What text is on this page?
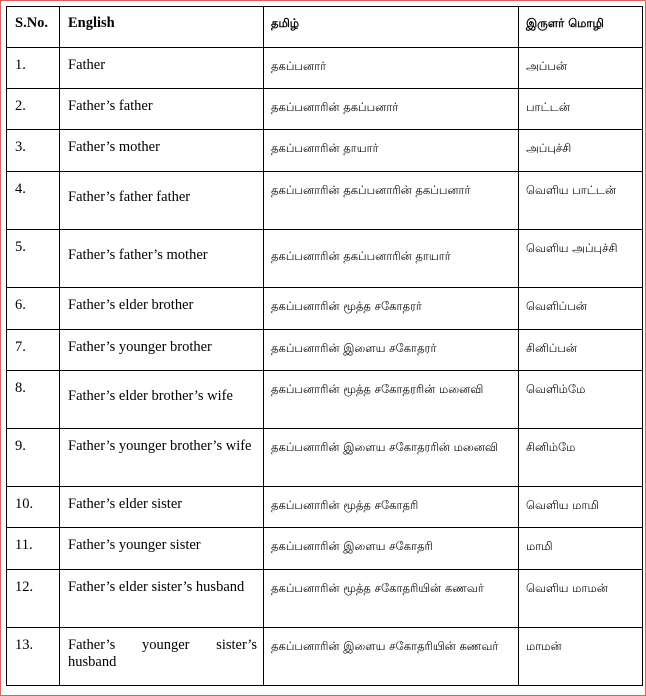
S.No.	English	தமிழ்	இருளர் மொழி
1.	Father	தகப்பனார்	அப்பன்
2.	Father’s father	தகப்பனாரின் தகப்பனார்	பாட்டன்
3.	Father’s mother	தகப்பனாரின் தாயார்	அப்புச்சி
4.	Father’s father father	தகப்பனாரின் தகப்பனாரின் தகப்பனார்	வெளிய பாட்டன்
5.	Father’s father’s mother	தகப்பனாரின் தகப்பனாரின் தாயார்	வெளிய அப்புச்சி
6.	Father’s elder brother	தகப்பனாரின் மூத்த சகோதரர்	வெளிப்பன்
7.	Father’s younger brother	தகப்பனாரின் இளைய சகோதரர்	சினிப்பன்
8.	Father’s elder brother’s wife	தகப்பனாரின் மூத்த சகோதரரின் மனைவி	வெளிம்மே
9.	Father’s younger brother’s wife	தகப்பனாரின் இளைய சகோதரரின் மனைவி	சினிம்மே
10.	Father’s elder sister	தகப்பனாரின் மூத்த சகோதரி	வெளிய மாமி
11.	Father’s younger sister	தகப்பனாரின் இளைய சகோதரி	மாமி
12.	Father’s elder sister’s husband	தகப்பனாரின் மூத்த சகோதரியின் கணவர்	வெளிய மாமன்
13.	Father’s younger sister’s husband	தகப்பனாரின் இளைய சகோதரியின் கணவர்	மாமன்
